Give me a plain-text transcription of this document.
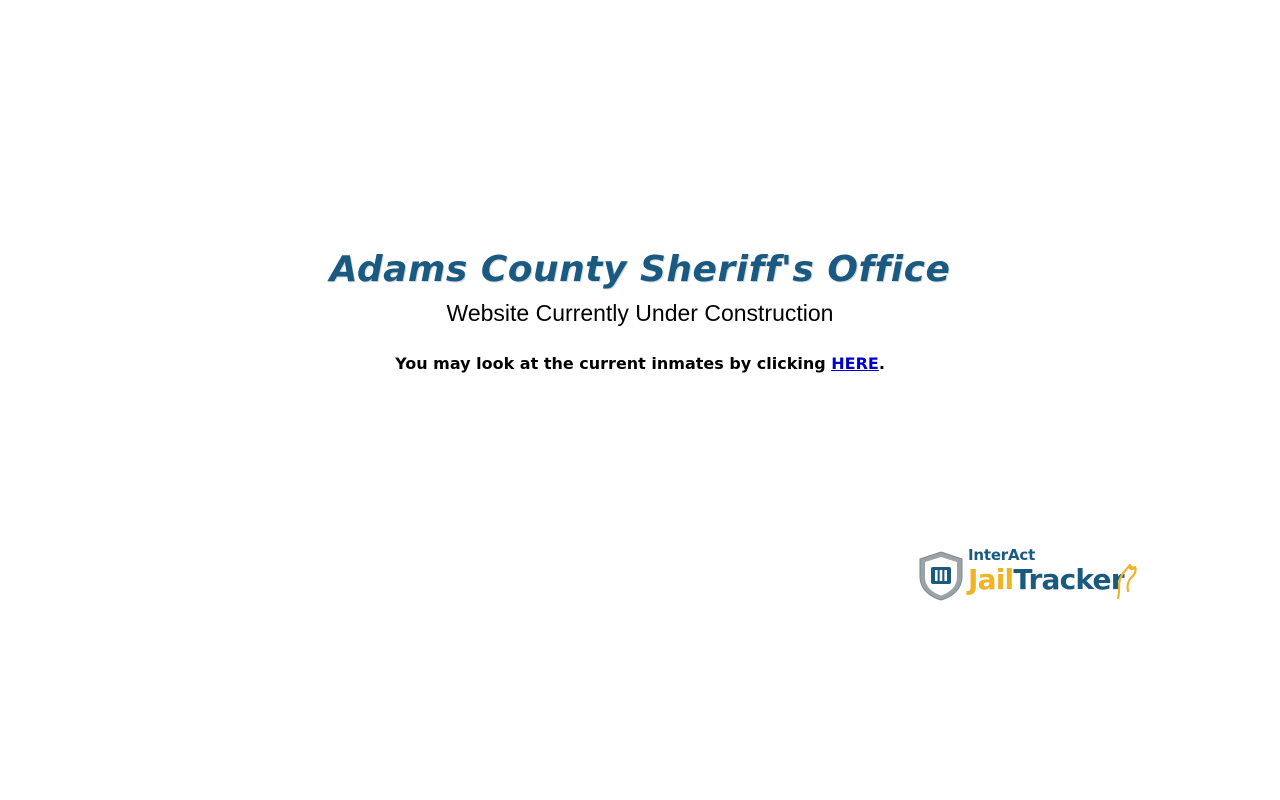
Adams County Sheriff's Office
Website Currently Under Construction
You may look at the current inmates by clicking HERE.
InterAct
JailTracker
